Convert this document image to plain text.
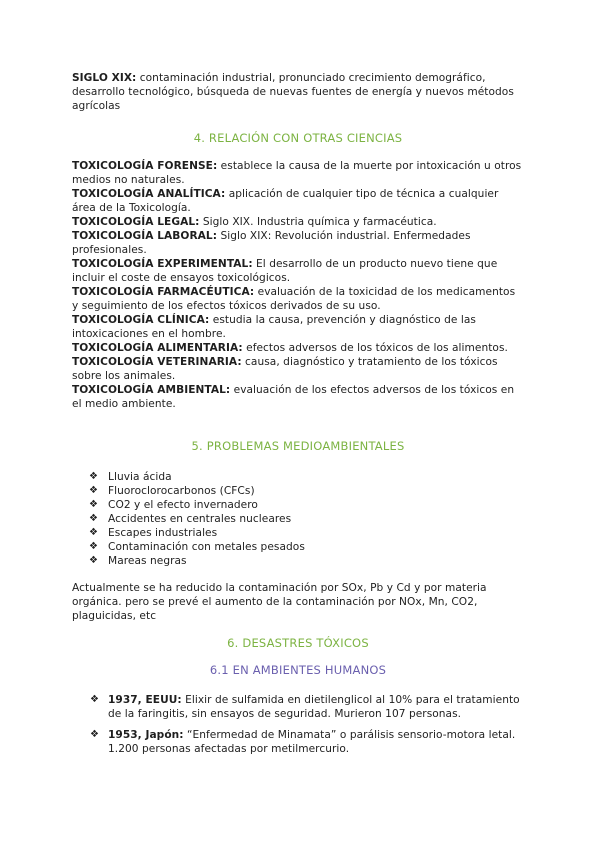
SIGLO XIX: contaminación industrial, pronunciado crecimiento demográfico, desarrollo tecnológico, búsqueda de nuevas fuentes de energía y nuevos métodos agrícolas

4. RELACIÓN CON OTRAS CIENCIAS

TOXICOLOGÍA FORENSE: establece la causa de la muerte por intoxicación u otros medios no naturales.

TOXICOLOGÍA ANALÍTICA: aplicación de cualquier tipo de técnica a cualquier área de la Toxicología.

TOXICOLOGÍA LEGAL: Siglo XIX. Industria química y farmacéutica.

TOXICOLOGÍA LABORAL: Siglo XIX: Revolución industrial. Enfermedades profesionales.

TOXICOLOGÍA EXPERIMENTAL: El desarrollo de un producto nuevo tiene que incluir el coste de ensayos toxicológicos.

TOXICOLOGÍA FARMACÉUTICA: evaluación de la toxicidad de los medicamentos y seguimiento de los efectos tóxicos derivados de su uso.

TOXICOLOGÍA CLÍNICA: estudia la causa, prevención y diagnóstico de las intoxicaciones en el hombre.

TOXICOLOGÍA ALIMENTARIA: efectos adversos de los tóxicos de los alimentos.

TOXICOLOGÍA VETERINARIA: causa, diagnóstico y tratamiento de los tóxicos sobre los animales.

TOXICOLOGÍA AMBIENTAL: evaluación de los efectos adversos de los tóxicos en el medio ambiente.

5. PROBLEMAS MEDIOAMBIENTALES

❖ Lluvia ácida
❖ Fluoroclorocarbonos (CFCs)
❖ CO2 y el efecto invernadero
❖ Accidentes en centrales nucleares
❖ Escapes industriales
❖ Contaminación con metales pesados
❖ Mareas negras

Actualmente se ha reducido la contaminación por SOx, Pb y Cd y por materia orgánica. pero se prevé el aumento de la contaminación por NOx, Mn, CO2, plaguicidas, etc

6. DESASTRES TÓXICOS

6.1 EN AMBIENTES HUMANOS

❖ 1937, EEUU: Elixir de sulfamida en dietilenglicol al 10% para el tratamiento de la faringitis, sin ensayos de seguridad. Murieron 107 personas.
❖ 1953, Japón: “Enfermedad de Minamata” o parálisis sensorio-motora letal. 1.200 personas afectadas por metilmercurio.
